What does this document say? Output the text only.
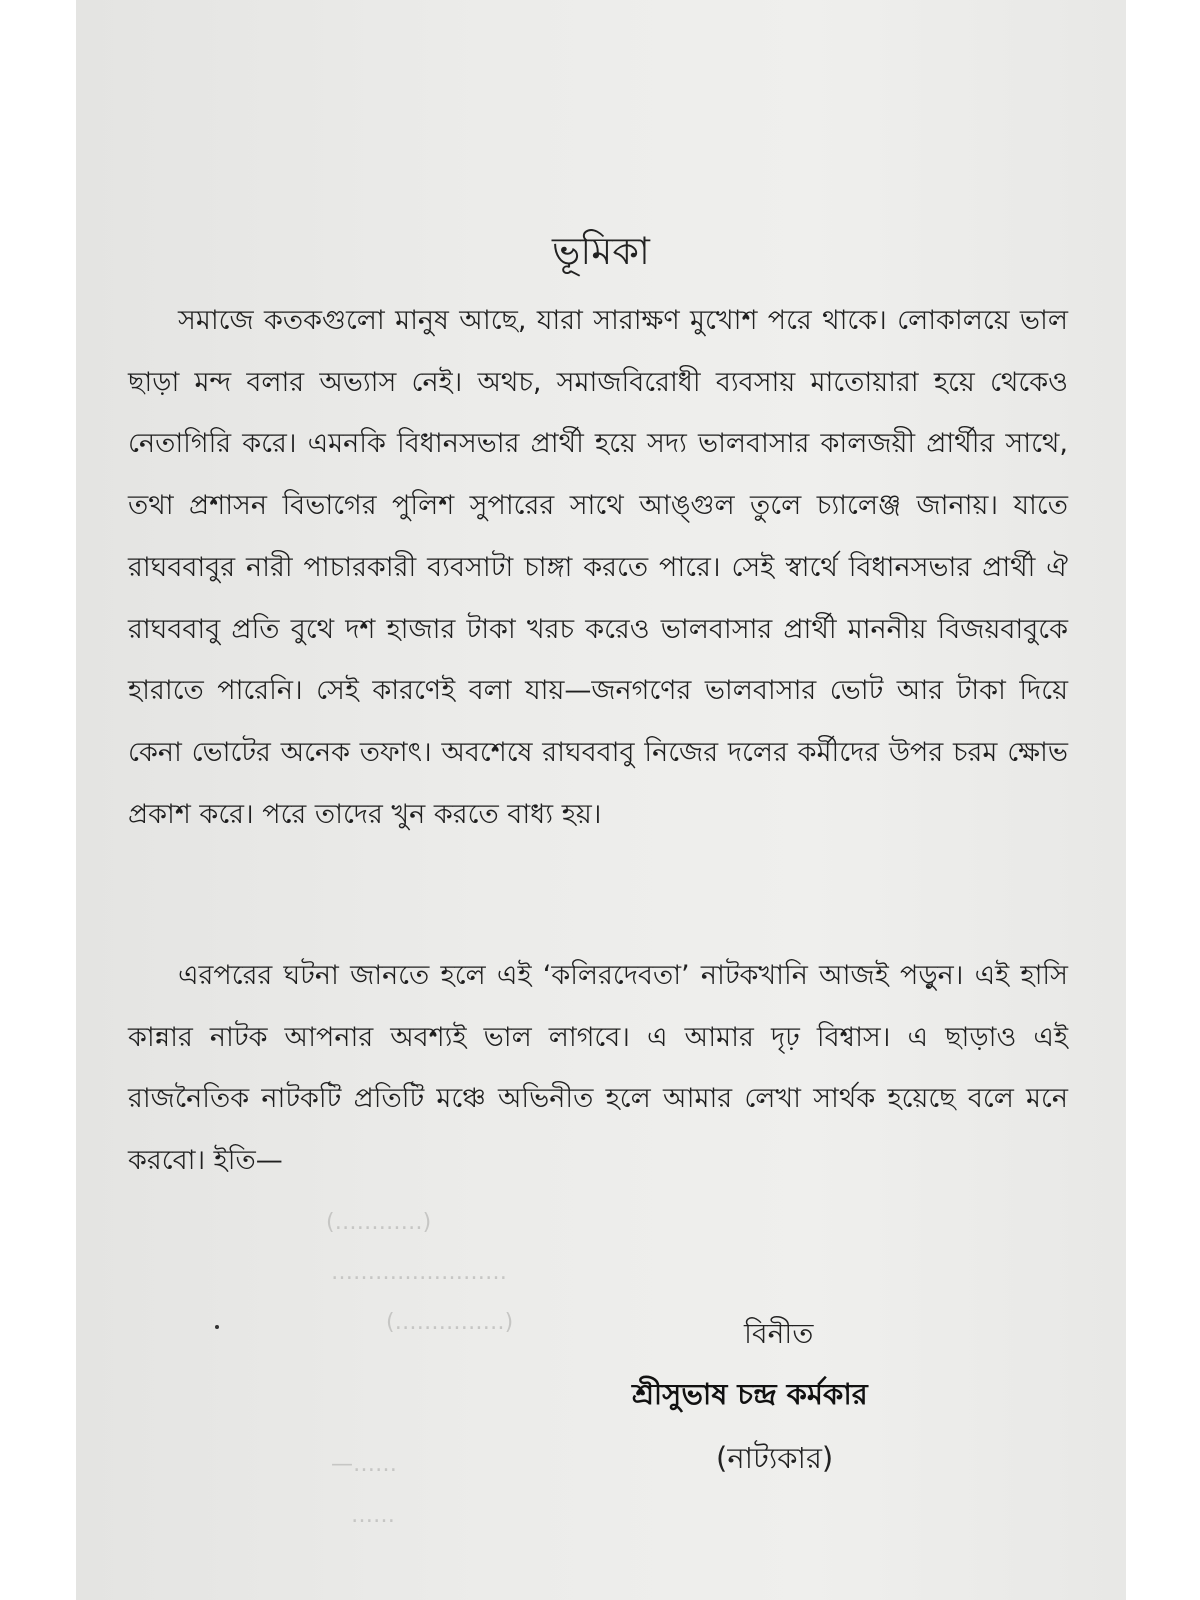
ভূমিকা

সমাজে কতকগুলো মানুষ আছে, যারা সারাক্ষণ মুখোশ পরে থাকে। লোকালয়ে ভাল ছাড়া মন্দ বলার অভ্যাস নেই। অথচ, সমাজবিরোধী ব্যবসায় মাতোয়ারা হয়ে থেকেও নেতাগিরি করে। এমনকি বিধানসভার প্রার্থী হয়ে সদ্য ভালবাসার কালজয়ী প্রার্থীর সাথে, তথা প্রশাসন বিভাগের পুলিশ সুপারের সাথে আঙ্গুল তুলে চ্যালেঞ্জ জানায়। যাতে রাঘববাবুর নারী পাচারকারী ব্যবসাটা চাঙ্গা করতে পারে। সেই স্বার্থে বিধানসভার প্রার্থী ঐ রাঘববাবু প্রতি বুথে দশ হাজার টাকা খরচ করেও ভালবাসার প্রার্থী মাননীয় বিজয়বাবুকে হারাতে পারেনি। সেই কারণেই বলা যায়—জনগণের ভালবাসার ভোট আর টাকা দিয়ে কেনা ভোটের অনেক তফাৎ। অবশেষে রাঘববাবু নিজের দলের কর্মীদের উপর চরম ক্ষোভ প্রকাশ করে। পরে তাদের খুন করতে বাধ্য হয়।

এরপরের ঘটনা জানতে হলে এই ‘কলিরদেবতা’ নাটকখানি আজই পড়ুন। এই হাসি কান্নার নাটক আপনার অবশ্যই ভাল লাগবে। এ আমার দৃঢ় বিশ্বাস। এ ছাড়াও এই রাজনৈতিক নাটকটি প্রতিটি মঞ্চে অভিনীত হলে আমার লেখা সার্থক হয়েছে বলে মনে করবো। ইতি—

(…………)
……………………
(……………)
—……
……
বিনীত
শ্রীসুভাষ চন্দ্র কর্মকার
(নাট্যকার)
